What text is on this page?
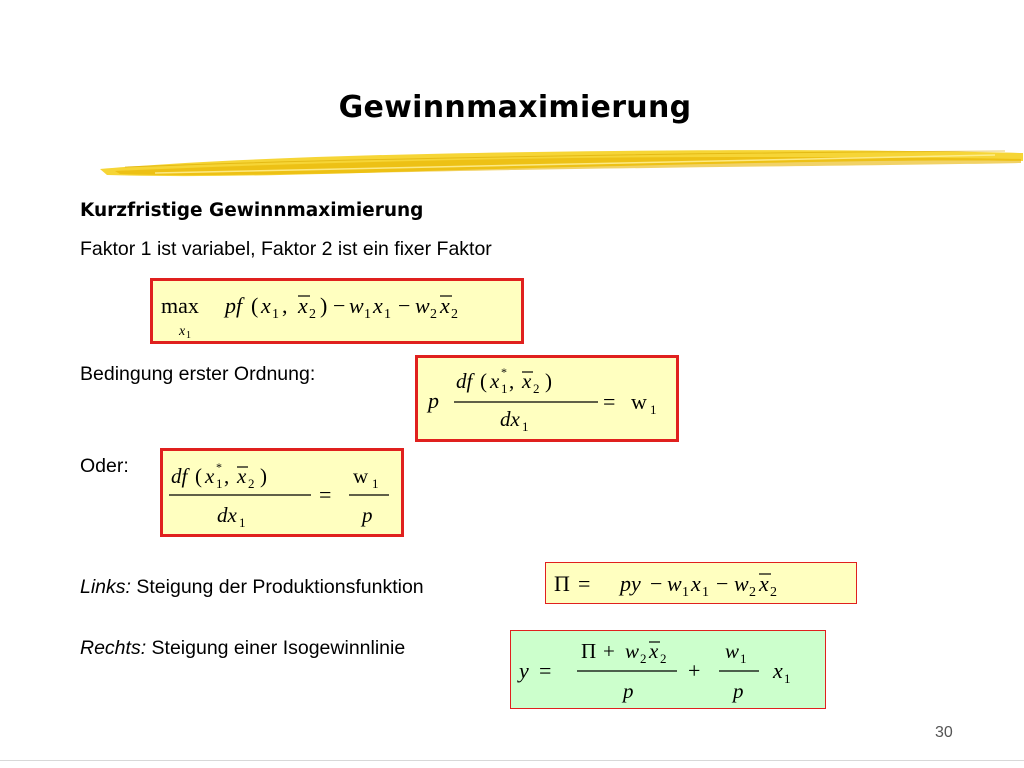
Gewinnmaximierung
Kurzfristige Gewinnmaximierung
Faktor 1 ist variabel, Faktor 2 ist ein fixer Faktor
max
x 1
pf ( x 1 , x 2 ) − w 1 x 1 − w 2 x 2
Bedingung erster Ordnung:
p
df ( x 1
* , x 2 )
dx 1
= w 1
Oder: df ( x 1
* , x 2 )
dx 1
=
w 1
p
Links: Steigung der Produktionsfunktion	Π = py − w 1 x 1 − w 2 x 2
Rechts: Steigung einer Isogewinnlinie
y =
Π + w 2 x 2
p
+
w 1
p
x 1
30
